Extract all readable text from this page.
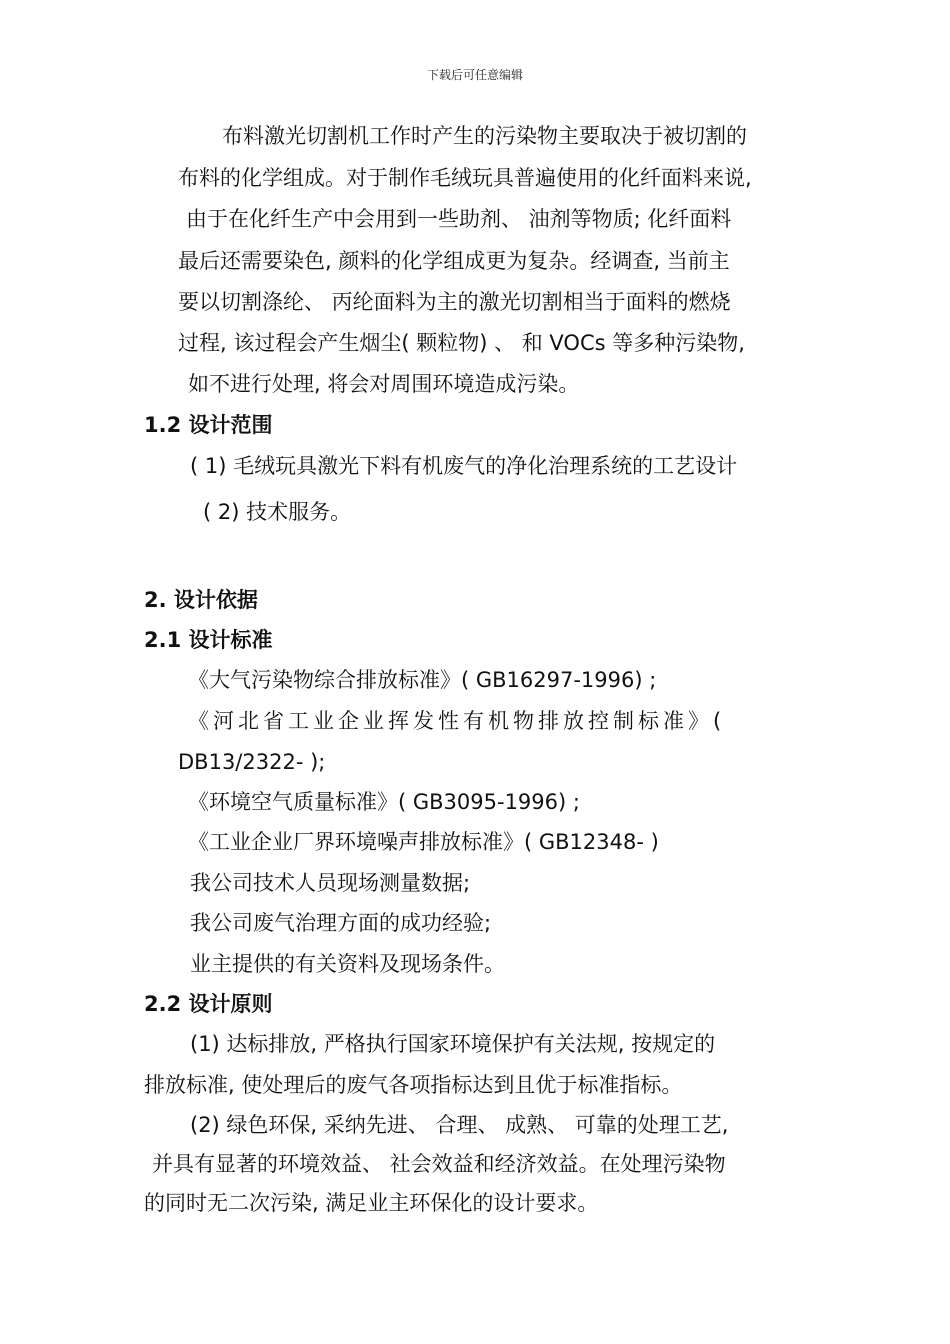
下载后可任意编辑
布料激光切割机工作时产生的污染物主要取决于被切割的
布料的化学组成。对于制作毛绒玩具普遍使用的化纤面料来说,
由于在化纤生产中会用到一些助剂、 油剂等物质; 化纤面料
最后还需要染色, 颜料的化学组成更为复杂。经调查, 当前主
要以切割涤纶、 丙纶面料为主的激光切割相当于面料的燃烧
过程, 该过程会产生烟尘( 颗粒物) 、 和 VOCs 等多种污染物,
如不进行处理, 将会对周围环境造成污染。
1.2 设计范围
( 1) 毛绒玩具激光下料有机废气的净化治理系统的工艺设计
( 2) 技术服务。
2. 设计依据
2.1 设计标准
《大气污染物综合排放标准》( GB16297-1996) ;
《河北省工业企业挥发性有机物排放控制标准》(
DB13/2322- );
《环境空气质量标准》( GB3095-1996) ;
《工业企业厂界环境噪声排放标准》( GB12348- )
我公司技术人员现场测量数据;
我公司废气治理方面的成功经验;
业主提供的有关资料及现场条件。
2.2 设计原则
(1) 达标排放, 严格执行国家环境保护有关法规, 按规定的
排放标准, 使处理后的废气各项指标达到且优于标准指标。
(2) 绿色环保, 采纳先进、 合理、 成熟、 可靠的处理工艺,
并具有显著的环境效益、 社会效益和经济效益。在处理污染物
的同时无二次污染, 满足业主环保化的设计要求。
